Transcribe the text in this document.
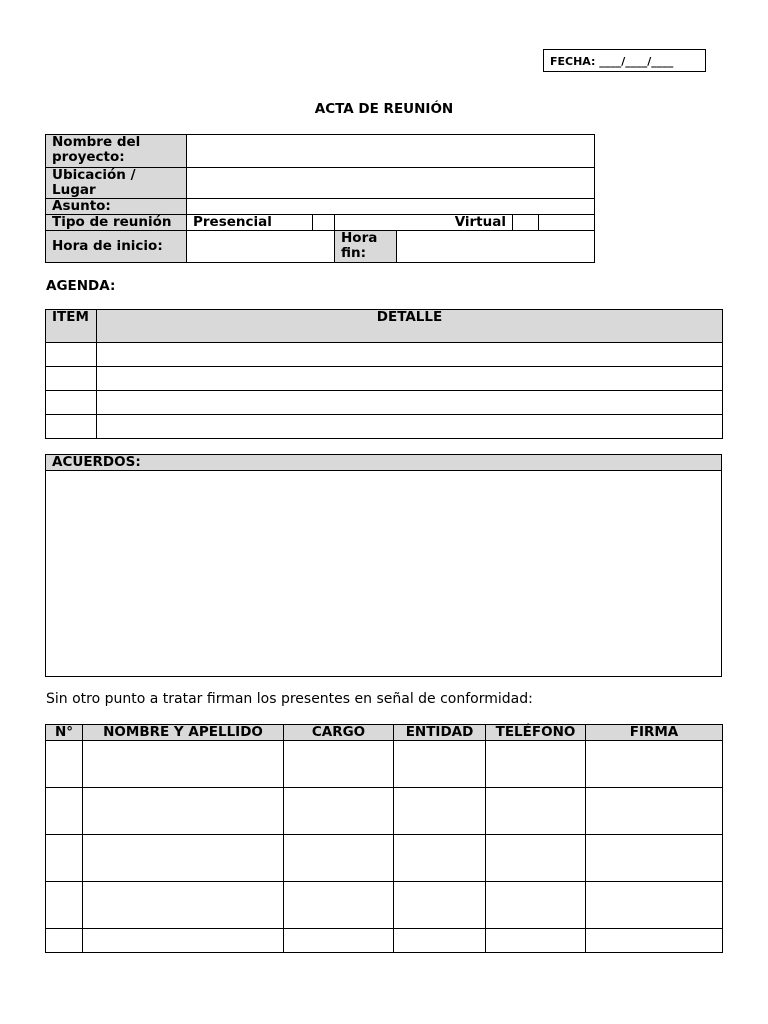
FECHA: ____/____/____
ACTA DE REUNIÓN
Nombre del proyecto:						
Ubicación / Lugar						
Asunto:						
Tipo de reunión	Presencial		Virtual			
Hora de inicio:			Hora fin:			
AGENDA:
ITEM	DETALLE

ACUERDOS:

Sin otro punto a tratar firman los presentes en señal de conformidad:
N°	NOMBRE Y APELLIDO	CARGO	ENTIDAD	TELÉFONO	FIRMA
